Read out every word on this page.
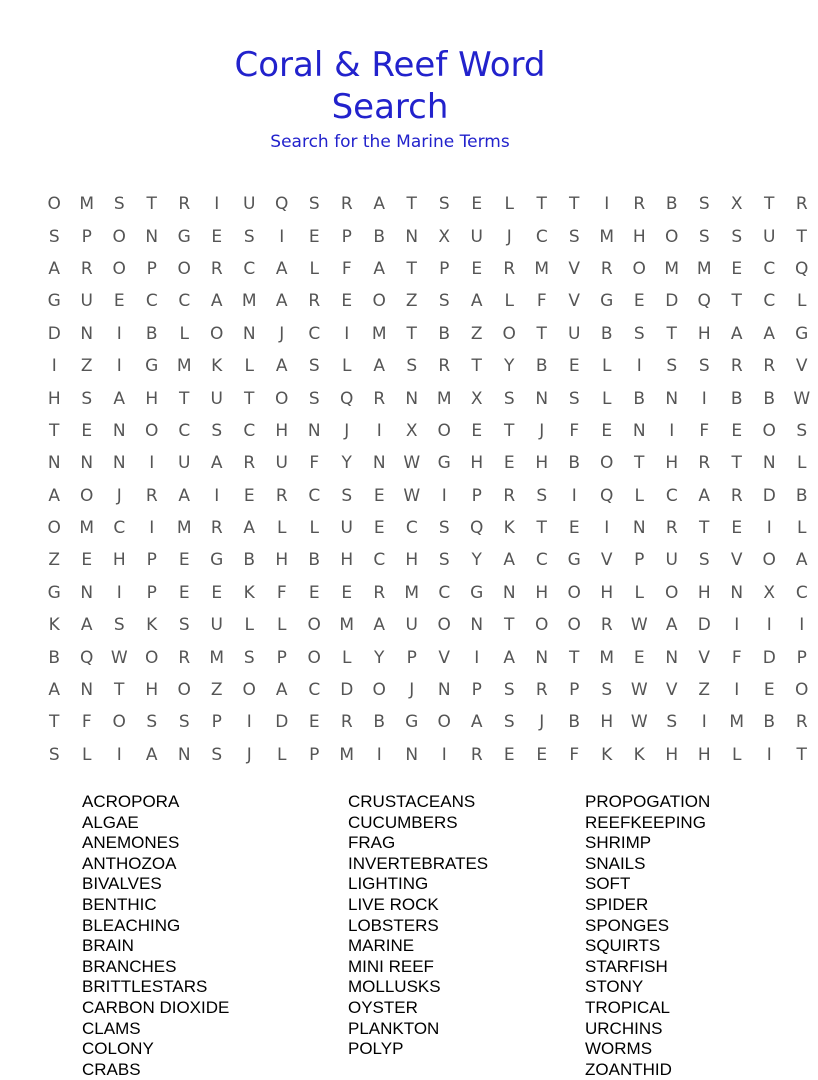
Coral & Reef Word
Search
Search for the Marine Terms
O	M	S	T	R	I	U	Q	S	R	A	T	S	E	L	T	T	I	R	B	S	X	T	R
S	P	O	N	G	E	S	I	E	P	B	N	X	U	J	C	S	M	H	O	S	S	U	T
A	R	O	P	O	R	C	A	L	F	A	T	P	E	R	M	V	R	O	M	M	E	C	Q
G	U	E	C	C	A	M	A	R	E	O	Z	S	A	L	F	V	G	E	D	Q	T	C	L
D	N	I	B	L	O	N	J	C	I	M	T	B	Z	O	T	U	B	S	T	H	A	A	G
I	Z	I	G	M	K	L	A	S	L	A	S	R	T	Y	B	E	L	I	S	S	R	R	V
H	S	A	H	T	U	T	O	S	Q	R	N	M	X	S	N	S	L	B	N	I	B	B	W
T	E	N	O	C	S	C	H	N	J	I	X	O	E	T	J	F	E	N	I	F	E	O	S
N	N	N	I	U	A	R	U	F	Y	N	W	G	H	E	H	B	O	T	H	R	T	N	L
A	O	J	R	A	I	E	R	C	S	E	W	I	P	R	S	I	Q	L	C	A	R	D	B
O	M	C	I	M	R	A	L	L	U	E	C	S	Q	K	T	E	I	N	R	T	E	I	L
Z	E	H	P	E	G	B	H	B	H	C	H	S	Y	A	C	G	V	P	U	S	V	O	A
G	N	I	P	E	E	K	F	E	E	R	M	C	G	N	H	O	H	L	O	H	N	X	C
K	A	S	K	S	U	L	L	O	M	A	U	O	N	T	O	O	R	W	A	D	I	I	I
B	Q	W	O	R	M	S	P	O	L	Y	P	V	I	A	N	T	M	E	N	V	F	D	P
A	N	T	H	O	Z	O	A	C	D	O	J	N	P	S	R	P	S	W	V	Z	I	E	O
T	F	O	S	S	P	I	D	E	R	B	G	O	A	S	J	B	H	W	S	I	M	B	R
S	L	I	A	N	S	J	L	P	M	I	N	I	R	E	E	F	K	K	H	H	L	I	T
ACROPORA
ALGAE
ANEMONES
ANTHOZOA
BIVALVES
BENTHIC
BLEACHING
BRAIN
BRANCHES
BRITTLESTARS
CARBON DIOXIDE
CLAMS
COLONY
CRABS
CRUSTACEANS
CUCUMBERS
FRAG
INVERTEBRATES
LIGHTING
LIVE ROCK
LOBSTERS
MARINE
MINI REEF
MOLLUSKS
OYSTER
PLANKTON
POLYP
PROPOGATION
REEFKEEPING
SHRIMP
SNAILS
SOFT
SPIDER
SPONGES
SQUIRTS
STARFISH
STONY
TROPICAL
URCHINS
WORMS
ZOANTHID
